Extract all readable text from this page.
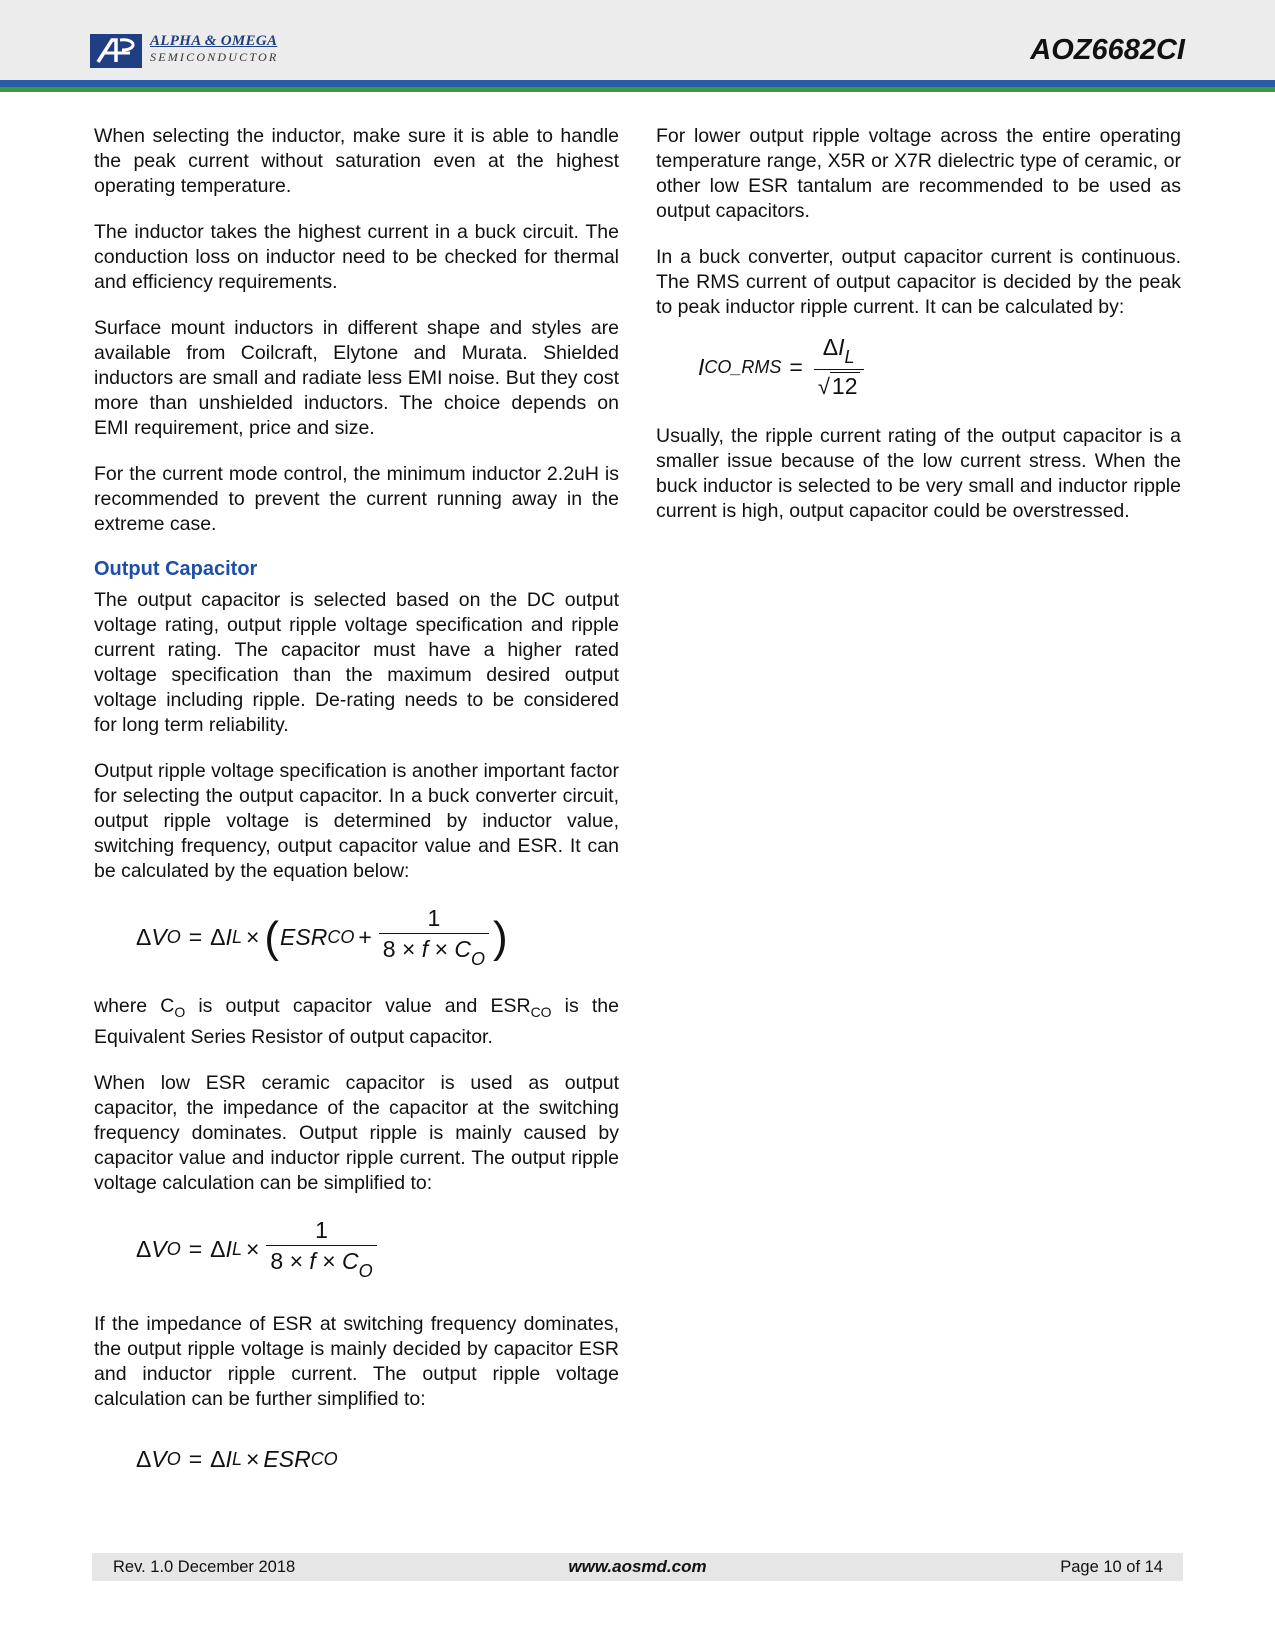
ALPHA & OMEGA
SEMICONDUCTOR	AOZ6682CI

When selecting the inductor, make sure it is able to handle the peak current without saturation even at the highest operating temperature.

The inductor takes the highest current in a buck circuit. The conduction loss on inductor need to be checked for thermal and efficiency requirements.

Surface mount inductors in different shape and styles are available from Coilcraft, Elytone and Murata. Shielded inductors are small and radiate less EMI noise. But they cost more than unshielded inductors. The choice depends on EMI requirement, price and size.

For the current mode control, the minimum inductor 2.2uH is recommended to prevent the current running away in the extreme case.

Output Capacitor

The output capacitor is selected based on the DC output voltage rating, output ripple voltage specification and ripple current rating. The capacitor must have a higher rated voltage specification than the maximum desired output voltage including ripple. De-rating needs to be considered for long term reliability.

Output ripple voltage specification is another important factor for selecting the output capacitor. In a buck converter circuit, output ripple voltage is determined by inductor value, switching frequency, output capacitor value and ESR. It can be calculated by the equation below:

Δ V O = Δ I L × ( ESR CO + $\frac{1}{8 \times f \times C_O}$ )

where $C_O$ is output capacitor value and $ESR_{CO}$ is the Equivalent Series Resistor of output capacitor.

When low ESR ceramic capacitor is used as output capacitor, the impedance of the capacitor at the switching frequency dominates. Output ripple is mainly caused by capacitor value and inductor ripple current. The output ripple voltage calculation can be simplified to:

Δ V O = Δ I $L \times \frac{1}{8 \times f \times C_O}$

If the impedance of ESR at switching frequency dominates, the output ripple voltage is mainly decided by capacitor ESR and inductor ripple current. The output ripple voltage calculation can be further simplified to:

Δ V O = Δ I L × ESR CO

For lower output ripple voltage across the entire operating temperature range, X5R or X7R dielectric type of ceramic, or other low ESR tantalum are recommended to be used as output capacitors.

In a buck converter, output capacitor current is continuous. The RMS current of output capacitor is decided by the peak to peak inductor ripple current. It can be calculated by:

I CO_RMS = $\frac{\Delta I_L}{√ 12}$

Usually, the ripple current rating of the output capacitor is a smaller issue because of the low current stress. When the buck inductor is selected to be very small and inductor ripple current is high, output capacitor could be overstressed.

Rev. 1.0 December 2018	www.aosmd.com	Page 10 of 14
